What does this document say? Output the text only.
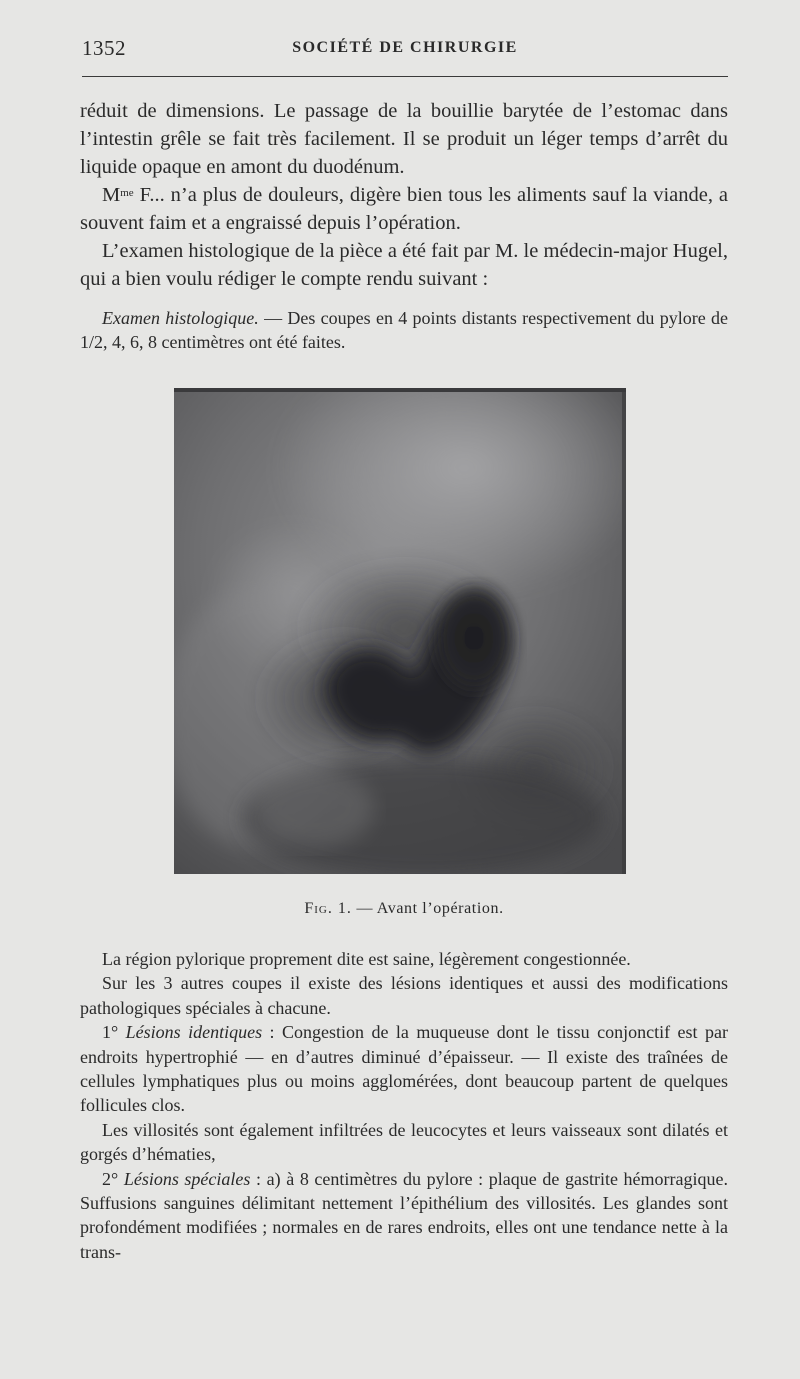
1352	SOCIÉTÉ DE CHIRURGIE

réduit de dimensions. Le passage de la bouillie barytée de l’estomac dans l’intestin grêle se fait très facilement. Il se produit un léger temps d’arrêt du liquide opaque en amont du duodénum.

$M^{me}$ F... n’a plus de douleurs, digère bien tous les aliments sauf la viande, a souvent faim et a engraissé depuis l’opération.

L’examen histologique de la pièce a été fait par M. le médecin-major Hugel, qui a bien voulu rédiger le compte rendu suivant :

Examen histologique. — Des coupes en 4 points distants respectivement du pylore de 1/2, 4, 6, 8 centimètres ont été faites.

Fig. 1. — Avant l’opération.

La région pylorique proprement dite est saine, légèrement congestionnée.

Sur les 3 autres coupes il existe des lésions identiques et aussi des modifications pathologiques spéciales à chacune.

1° Lésions identiques : Congestion de la muqueuse dont le tissu conjonctif est par endroits hypertrophié — en d’autres diminué d’épaisseur. — Il existe des traînées de cellules lymphatiques plus ou moins agglomérées, dont beaucoup partent de quelques follicules clos.

Les villosités sont également infiltrées de leucocytes et leurs vaisseaux sont dilatés et gorgés d’hématies,

2° Lésions spéciales : a) à 8 centimètres du pylore : plaque de gastrite hémorragique. Suffusions sanguines délimitant nettement l’épithélium des villosités. Les glandes sont profondément modifiées ; normales en de rares endroits, elles ont une tendance nette à la trans-
